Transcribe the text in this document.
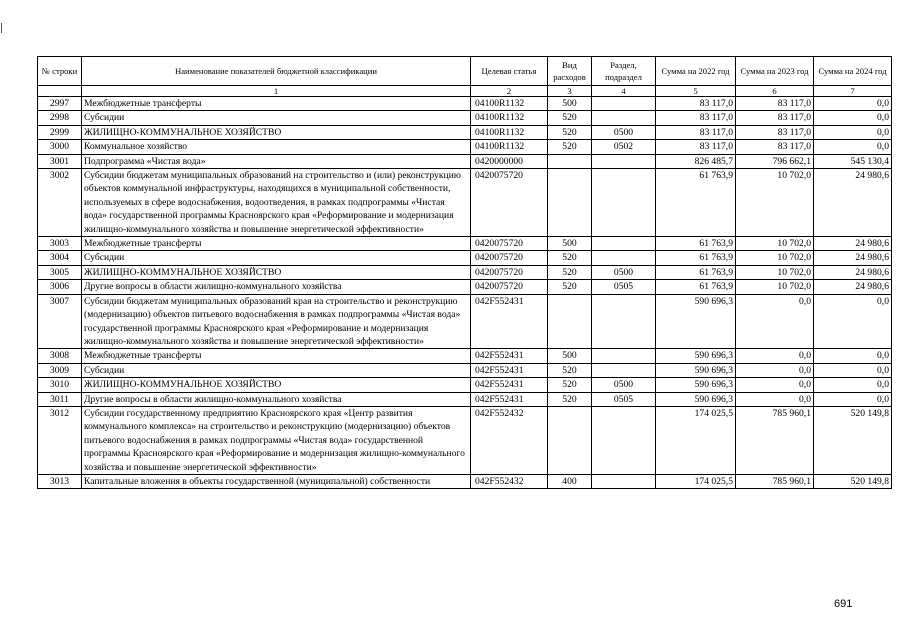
№ строки	Наименование показателей бюджетной классификации	Целевая статья	Вид расходов	Раздел, подраздел	Сумма на 2022 год	Сумма на 2023 год	Сумма на 2024 год
	1	2	3	4	5	6	7
2997	Межбюджетные трансферты	04100R1132	500		83 117,0	83 117,0	0,0
2998	Субсидии	04100R1132	520		83 117,0	83 117,0	0,0
2999	ЖИЛИЩНО-КОММУНАЛЬНОЕ ХОЗЯЙСТВО	04100R1132	520	0500	83 117,0	83 117,0	0,0
3000	Коммунальное хозяйство	04100R1132	520	0502	83 117,0	83 117,0	0,0
3001	Подпрограмма «Чистая вода»	0420000000			826 485,7	796 662,1	545 130,4
3002	Субсидии бюджетам муниципальных образований на строительство и (или) реконструкцию объектов коммунальной инфраструктуры, находящихся в муниципальной собственности, используемых в сфере водоснабжения, водоотведения, в рамках подпрограммы «Чистая вода» государственной программы Красноярского края «Реформирование и модернизация жилищно-коммунального хозяйства и повышение энергетической эффективности»	0420075720			61 763,9	10 702,0	24 980,6
3003	Межбюджетные трансферты	0420075720	500		61 763,9	10 702,0	24 980,6
3004	Субсидии	0420075720	520		61 763,9	10 702,0	24 980,6
3005	ЖИЛИЩНО-КОММУНАЛЬНОЕ ХОЗЯЙСТВО	0420075720	520	0500	61 763,9	10 702,0	24 980,6
3006	Другие вопросы в области жилищно-коммунального хозяйства	0420075720	520	0505	61 763,9	10 702,0	24 980,6
3007	Субсидии бюджетам муниципальных образований края на строительство и реконструкцию (модернизацию) объектов питьевого водоснабжения в рамках подпрограммы «Чистая вода» государственной программы Красноярского края «Реформирование и модернизация жилищно-коммунального хозяйства и повышение энергетической эффективности»	042F552431			590 696,3	0,0	0,0
3008	Межбюджетные трансферты	042F552431	500		590 696,3	0,0	0,0
3009	Субсидии	042F552431	520		590 696,3	0,0	0,0
3010	ЖИЛИЩНО-КОММУНАЛЬНОЕ ХОЗЯЙСТВО	042F552431	520	0500	590 696,3	0,0	0,0
3011	Другие вопросы в области жилищно-коммунального хозяйства	042F552431	520	0505	590 696,3	0,0	0,0
3012	Субсидии государственному предприятию Красноярского края «Центр развития коммунального комплекса» на строительство и реконструкцию (модернизацию) объектов питьевого водоснабжения в рамках подпрограммы «Чистая вода» государственной программы Красноярского края «Реформирование и модернизация жилищно-коммунального хозяйства и повышение энергетической эффективности»	042F552432			174 025,5	785 960,1	520 149,8
3013	Капитальные вложения в объекты государственной (муниципальной) собственности	042F552432	400		174 025,5	785 960,1	520 149,8
691
